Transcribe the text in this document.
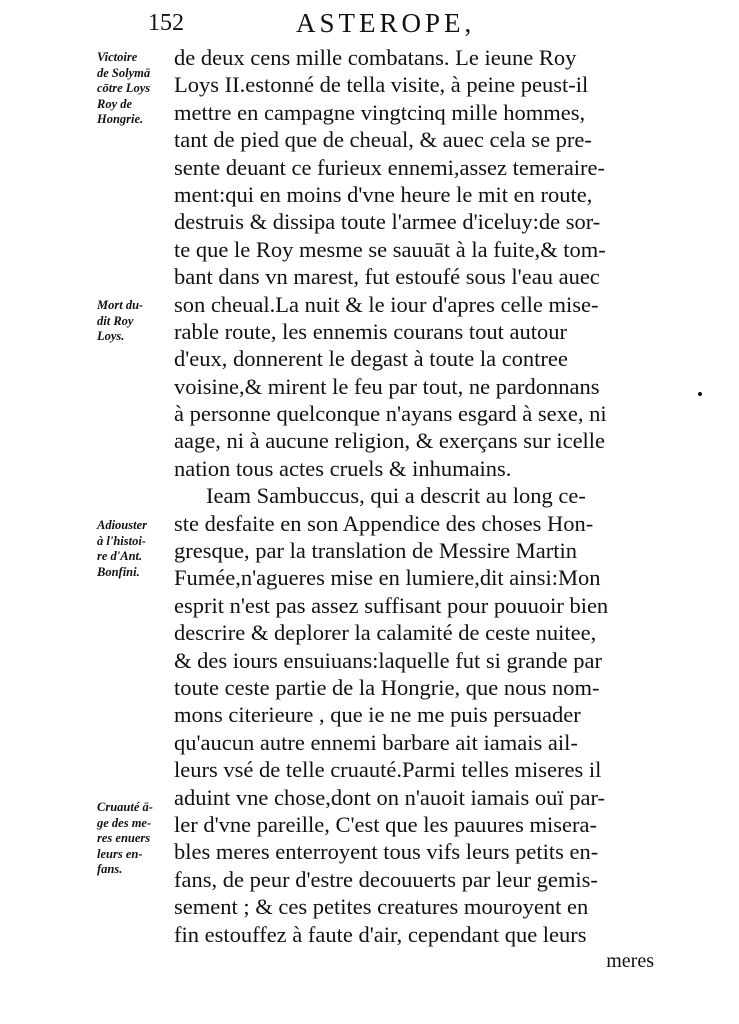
152	ASTEROPE,
de deux cens mille combatans. Le ieune Roy
Loys II.estonné de tella visite, à peine peust-il
mettre en campagne vingtcinq mille hommes,
tant de pied que de cheual, & auec cela se pre-
sente deuant ce furieux ennemi,assez temeraire-
ment:qui en moins d'vne heure le mit en route,
destruis & dissipa toute l'armee d'iceluy:de sor-
te que le Roy mesme se sauuāt à la fuite,& tom-
bant dans vn marest, fut estoufé sous l'eau auec
son cheual.La nuit & le iour d'apres celle mise-
rable route, les ennemis courans tout autour
d'eux, donnerent le degast à toute la contree
voisine,& mirent le feu par tout, ne pardonnans
à personne quelconque n'ayans esgard à sexe, ni
aage, ni à aucune religion, & exerçans sur icelle
nation tous actes cruels & inhumains.
Ieam Sambuccus, qui a descrit au long ce-
ste desfaite en son Appendice des choses Hon-
gresque, par la translation de Messire Martin
Fumée,n'agueres mise en lumiere,dit ainsi:Mon
esprit n'est pas assez suffisant pour pouuoir bien
descrire & deplorer la calamité de ceste nuitee,
& des iours ensuiuans:laquelle fut si grande par
toute ceste partie de la Hongrie, que nous nom-
mons citerieure , que ie ne me puis persuader
qu'aucun autre ennemi barbare ait iamais ail-
leurs vsé de telle cruauté.Parmi telles miseres il
aduint vne chose,dont on n'auoit iamais ouï par-
ler d'vne pareille, C'est que les pauures misera-
bles meres enterroyent tous vifs leurs petits en-
fans, de peur d'estre decouuerts par leur gemis-
sement ; & ces petites creatures mouroyent en
fin estouffez à faute d'air, cependant que leurs
meres
Victoire
de Solymā
cōtre Loys
Roy de
Hongrie.
Mort du-
dit Roy
Loys.
Adiouster
à l'histoi-
re d'Ant.
Bonfini.
Cruauté ā-
ge des me-
res enuers
leurs en-
fans.
